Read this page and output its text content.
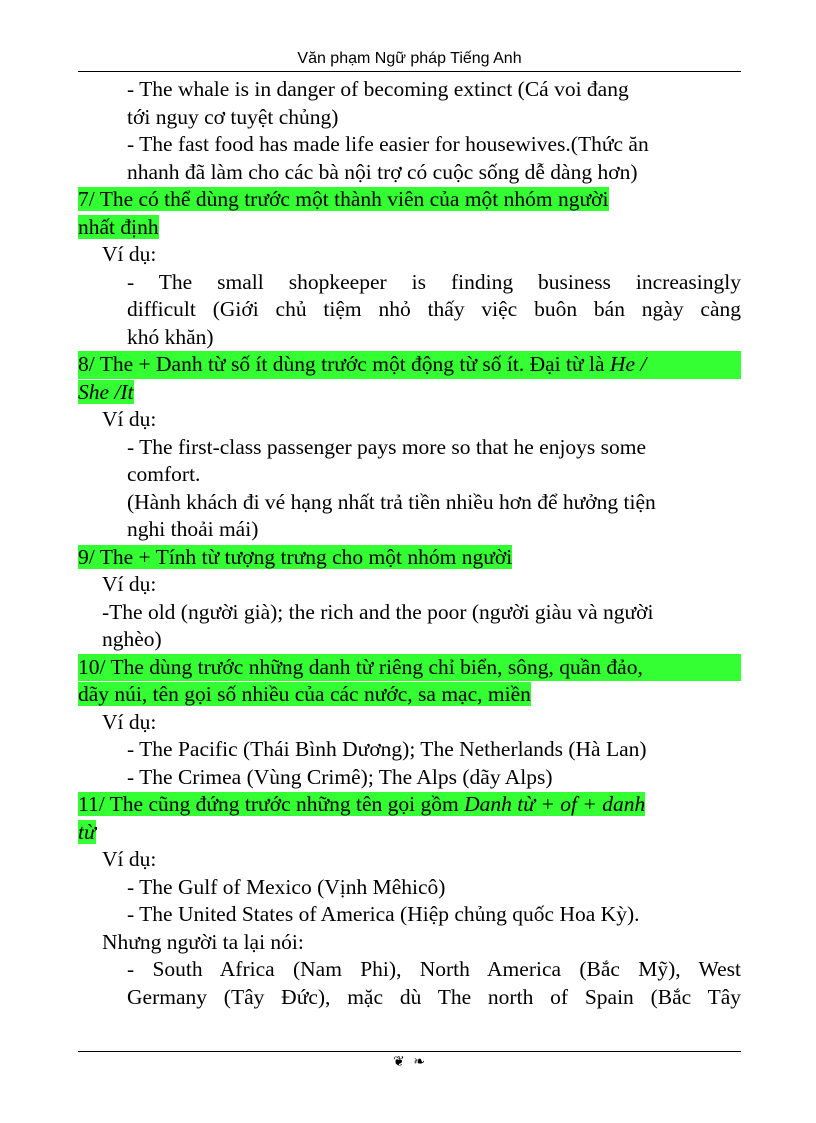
Văn phạm Ngữ pháp Tiếng Anh
- The whale is in danger of becoming extinct (Cá voi đang
tới nguy cơ tuyệt chủng)
- The fast food has made life easier for housewives.(Thức ăn
nhanh đã làm cho các bà nội trợ có cuộc sống dễ dàng hơn)
7/ The có thể dùng trước một thành viên của một nhóm người
nhất định
Ví dụ:
- The small shopkeeper is finding business increasingly
difficult (Giới chủ tiệm nhỏ thấy việc buôn bán ngày càng
khó khăn)
8/ The + Danh từ số ít dùng trước một động từ số ít. Đại từ là He /
She /It
Ví dụ:
- The first-class passenger pays more so that he enjoys some
comfort.
(Hành khách đi vé hạng nhất trả tiền nhiều hơn để hưởng tiện
nghi thoải mái)
9/ The + Tính từ tượng trưng cho một nhóm người
Ví dụ:
-The old (người già); the rich and the poor (người giàu và người
nghèo)
10/ The dùng trước những danh từ riêng chỉ biển, sông, quần đảo,
dãy núi, tên gọi số nhiều của các nước, sa mạc, miền
Ví dụ:
- The Pacific (Thái Bình Dương); The Netherlands (Hà Lan)
- The Crimea (Vùng Crimê); The Alps (dãy Alps)
11/ The cũng đứng trước những tên gọi gồm Danh từ + of + danh
từ
Ví dụ:
- The Gulf of Mexico (Vịnh Mêhicô)
- The United States of America (Hiệp chủng quốc Hoa Kỳ).
Nhưng người ta lại nói:
- South Africa (Nam Phi), North America (Bắc Mỹ), West
Germany (Tây Đức), mặc dù The north of Spain (Bắc Tây
❦ ❧
